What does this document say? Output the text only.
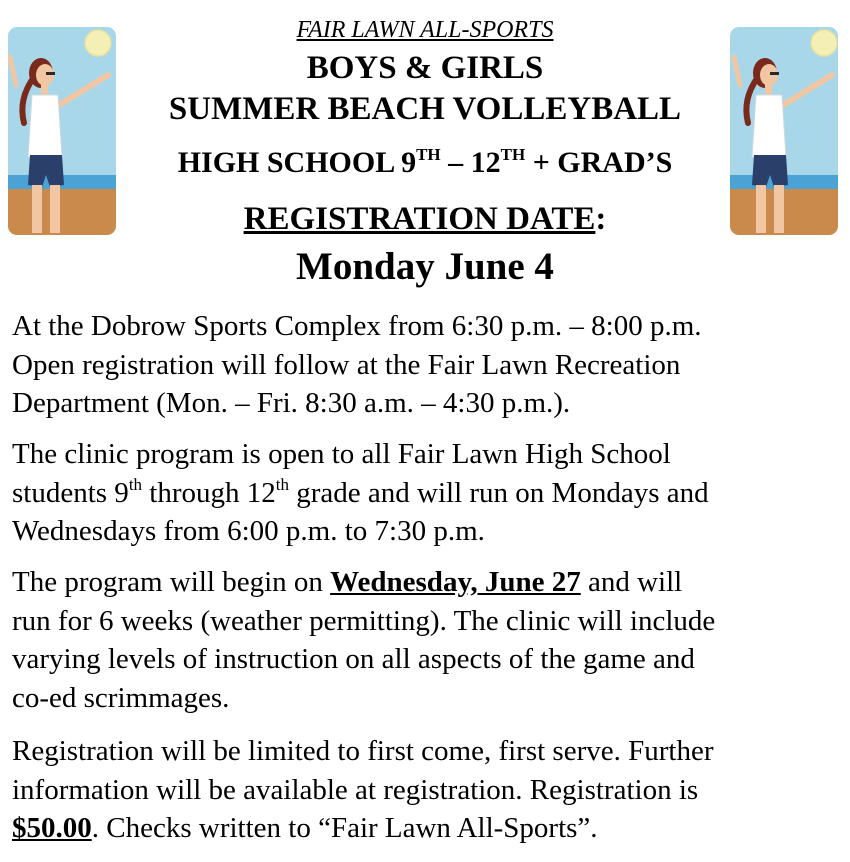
FAIR LAWN ALL-SPORTS
BOYS & GIRLS
SUMMER BEACH VOLLEYBALL
HIGH SCHOOL 9TH – 12TH + GRAD’S
REGISTRATION DATE:
Monday June 4
At the Dobrow Sports Complex from 6:30 p.m. – 8:00 p.m.
Open registration will follow at the Fair Lawn Recreation
Department (Mon. – Fri. 8:30 a.m. – 4:30 p.m.).
The clinic program is open to all Fair Lawn High School
students 9th through 12th grade and will run on Mondays and
Wednesdays from 6:00 p.m. to 7:30 p.m.
The program will begin on Wednesday, June 27 and will
run for 6 weeks (weather permitting). The clinic will include
varying levels of instruction on all aspects of the game and
co-ed scrimmages.
Registration will be limited to first come, first serve. Further
information will be available at registration. Registration is
$50.00. Checks written to “Fair Lawn All-Sports”.
